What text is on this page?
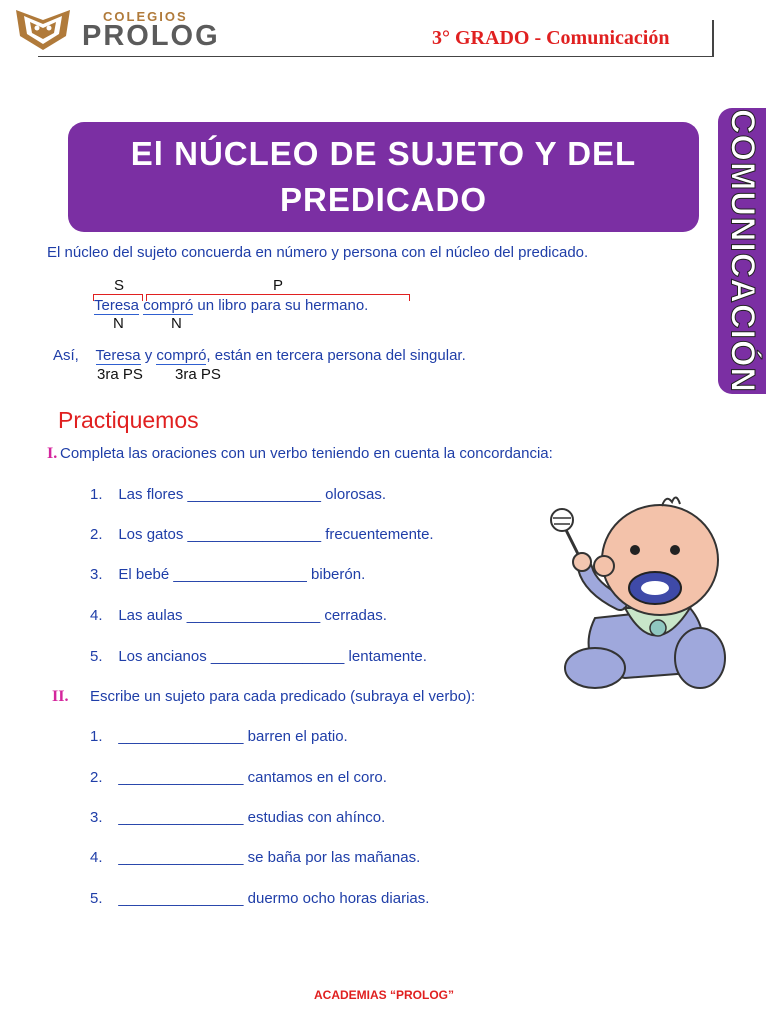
COLEGIOS
PROLOG	3° GRADO - Comunicación
COMUNICACIÓN
El NÚCLEO DE SUJETO Y DEL PREDICADO
El núcleo del sujeto concuerda en número y persona con el núcleo del predicado.
S	P
Teresa compró un libro para su hermano.
N	N
Así, Teresa y compró, están en tercera persona del singular.
3ra PS 3ra PS
Practiquemos
I. Completa las oraciones con un verbo teniendo en cuenta la concordancia:
1. Las flores ________________ olorosas.
2. Los gatos ________________ frecuentemente.
3. El bebé ________________ biberón.
4. Las aulas ________________ cerradas.
5. Los ancianos ________________ lentamente.
II. Escribe un sujeto para cada predicado (subraya el verbo):
1. _______________ barren el patio.
2. _______________ cantamos en el coro.
3. _______________ estudias con ahínco.
4. _______________ se baña por las mañanas.
5. _______________ duermo ocho horas diarias.
ACADEMIAS “PROLOG”
